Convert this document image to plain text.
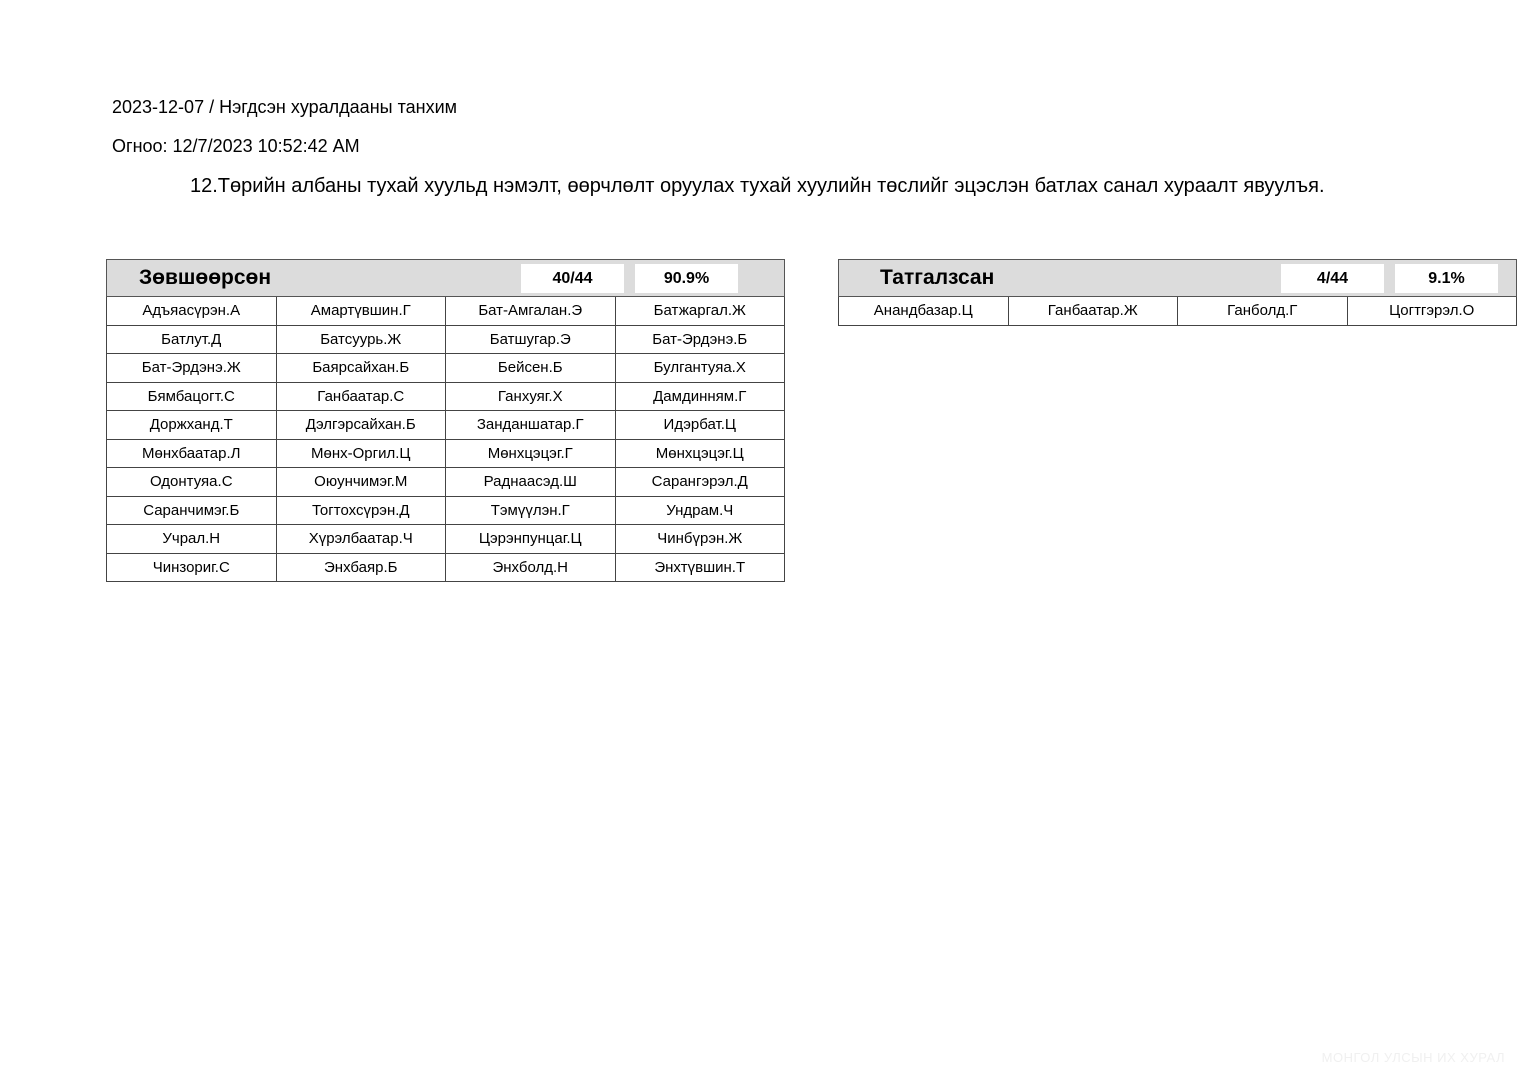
2023-12-07 / Нэгдсэн хуралдааны танхим
Огноо: 12/7/2023 10:52:42 AM
12.Төрийн албаны тухай хуульд нэмэлт, өөрчлөлт оруулах тухай хуулийн төслийг эцэслэн батлах санал хураалт явуулъя.
Зөвшөөрсөн 40/44 90.9%			

Адъяасүрэн.А	Амартүвшин.Г	Бат-Амгалан.Э	Батжаргал.Ж
Батлут.Д	Батсуурь.Ж	Батшугар.Э	Бат-Эрдэнэ.Б
Бат-Эрдэнэ.Ж	Баярсайхан.Б	Бейсен.Б	Булгантуяа.Х
Бямбацогт.С	Ганбаатар.С	Ганхуяг.Х	Дамдинням.Г
Доржханд.Т	Дэлгэрсайхан.Б	Занданшатар.Г	Идэрбат.Ц
Мөнхбаатар.Л	Мөнх-Оргил.Ц	Мөнхцэцэг.Г	Мөнхцэцэг.Ц
Одонтуяа.С	Оюунчимэг.М	Раднаасэд.Ш	Сарангэрэл.Д
Саранчимэг.Б	Тогтохсүрэн.Д	Тэмүүлэн.Г	Ундрам.Ч
Учрал.Н	Хүрэлбаатар.Ч	Цэрэнпунцаг.Ц	Чинбүрэн.Ж
Чинзориг.С	Энхбаяр.Б	Энхболд.Н	Энхтүвшин.Т
Татгалзсан	4/44	9.1%

Анандбазар.Ц	Ганбаатар.Ж	Ганболд.Г	Цогтгэрэл.О
МОНГОЛ УЛСЫН ИХ ХУРАЛ
